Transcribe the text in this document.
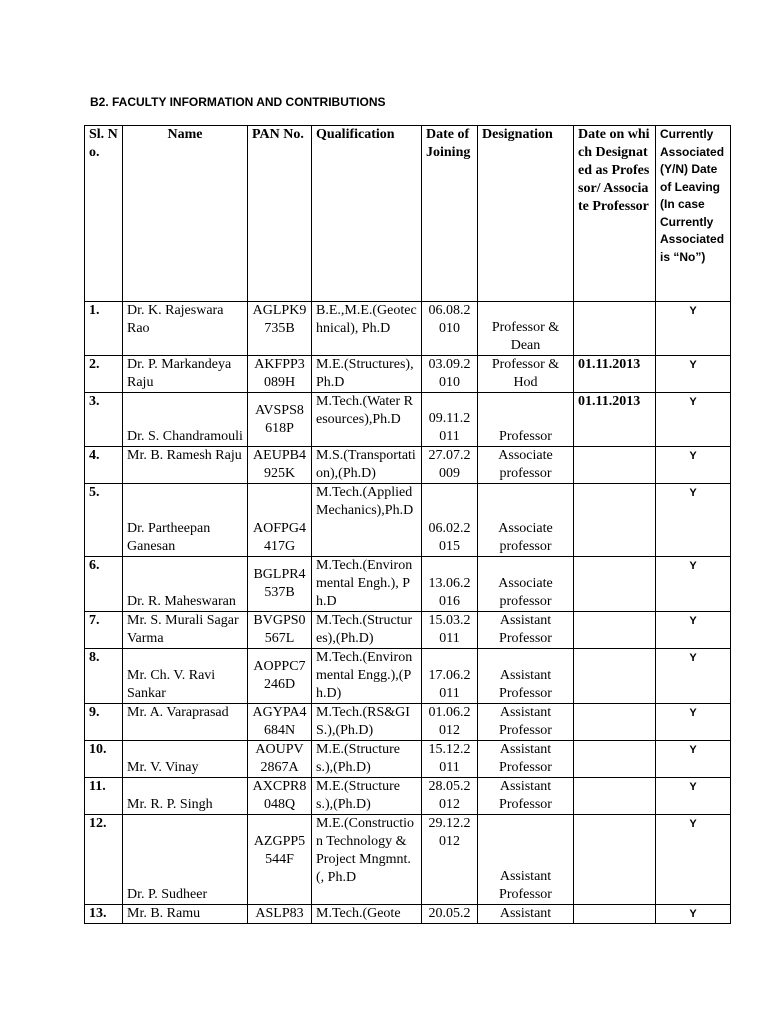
B2. FACULTY INFORMATION AND CONTRIBUTIONS
Sl. No.	Name	PAN No.	Qualification	Date of Joining	Designation	Date on which Designated as Professor/ Associate Professor	Currently Associated (Y/N) Date of Leaving (In case Currently Associated is “No”)
1.	Dr. K. Rajeswara Rao	AGLPK9735B	B.E.,M.E.(Geotechnical), Ph.D	06.08.2010	Professor & Dean		Y
2.	Dr. P. Markandeya Raju	AKFPP3089H	M.E.(Structures), Ph.D	03.09.2010	Professor & Hod	01.11.2013	Y
3.	Dr. S. Chandramouli	AVSPS8618P	M.Tech.(Water Resources),Ph.D	09.11.2011	Professor	01.11.2013	Y
4.	Mr. B. Ramesh Raju	AEUPB4925K	M.S.(Transportation),(Ph.D)	27.07.2009	Associate professor		Y
5.	Dr. Partheepan Ganesan	AOFPG4417G	M.Tech.(Applied Mechanics),Ph.D	06.02.2015	Associate professor		Y
6.	Dr. R. Maheswaran	BGLPR4537B	M.Tech.(Environmental Engh.), Ph.D	13.06.2016	Associate professor		Y
7.	Mr. S. Murali Sagar Varma	BVGPS0567L	M.Tech.(Structures),(Ph.D)	15.03.2011	Assistant Professor		Y
8.	Mr. Ch. V. Ravi Sankar	AOPPC7246D	M.Tech.(Environmental Engg.),(Ph.D)	17.06.2011	Assistant Professor		Y
9.	Mr. A. Varaprasad	AGYPA4684N	M.Tech.(RS&GIS.),(Ph.D)	01.06.2012	Assistant Professor		Y
10.	Mr. V. Vinay	AOUPV2867A	M.E.(Structures.),(Ph.D)	15.12.2011	Assistant Professor		Y
11.	Mr. R. P. Singh	AXCPR8048Q	M.E.(Structures.),(Ph.D)	28.05.2012	Assistant Professor		Y
12.	Dr. P. Sudheer	AZGPP5544F	M.E.(Construction Technology & Project Mngmnt.(, Ph.D	29.12.2012	Assistant Professor		Y
13.	Mr. B. Ramu	ASLP83	M.Tech.(Geote	20.05.2	Assistant		Y
